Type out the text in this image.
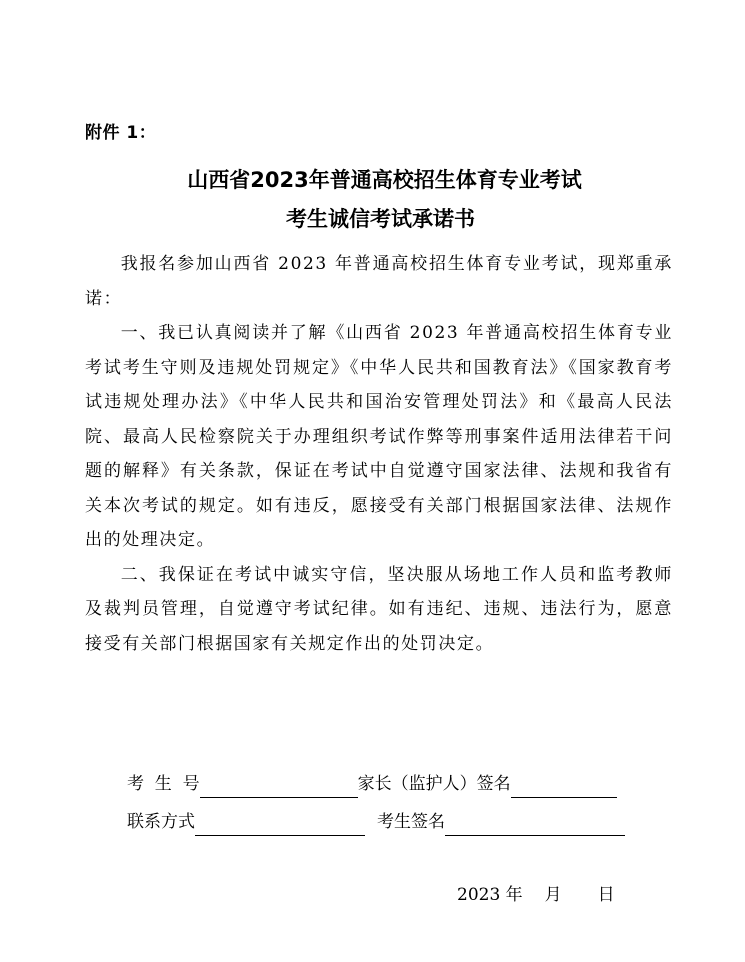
附件 1：
山西省2023年普通高校招生体育专业考试
考生诚信考试承诺书

我报名参加山西省 2023 年普通高校招生体育专业考试，现郑重承诺：

一、我已认真阅读并了解《山西省 2023 年普通高校招生体育专业考试考生守则及违规处罚规定》《中华人民共和国教育法》《国家教育考试违规处理办法》《中华人民共和国治安管理处罚法》和《最高人民法院、最高人民检察院关于办理组织考试作弊等刑事案件适用法律若干问题的解释》有关条款，保证在考试中自觉遵守国家法律、法规和我省有关本次考试的规定。如有违反，愿接受有关部门根据国家法律、法规作出的处理决定。

二、我保证在考试中诚实守信，坚决服从场地工作人员和监考教师及裁判员管理，自觉遵守考试纪律。如有违纪、违规、违法行为，愿意接受有关部门根据国家有关规定作出的处罚决定。

考  生  号	家长（监护人）签名
联系方式	考生签名
2023 年 月 日
